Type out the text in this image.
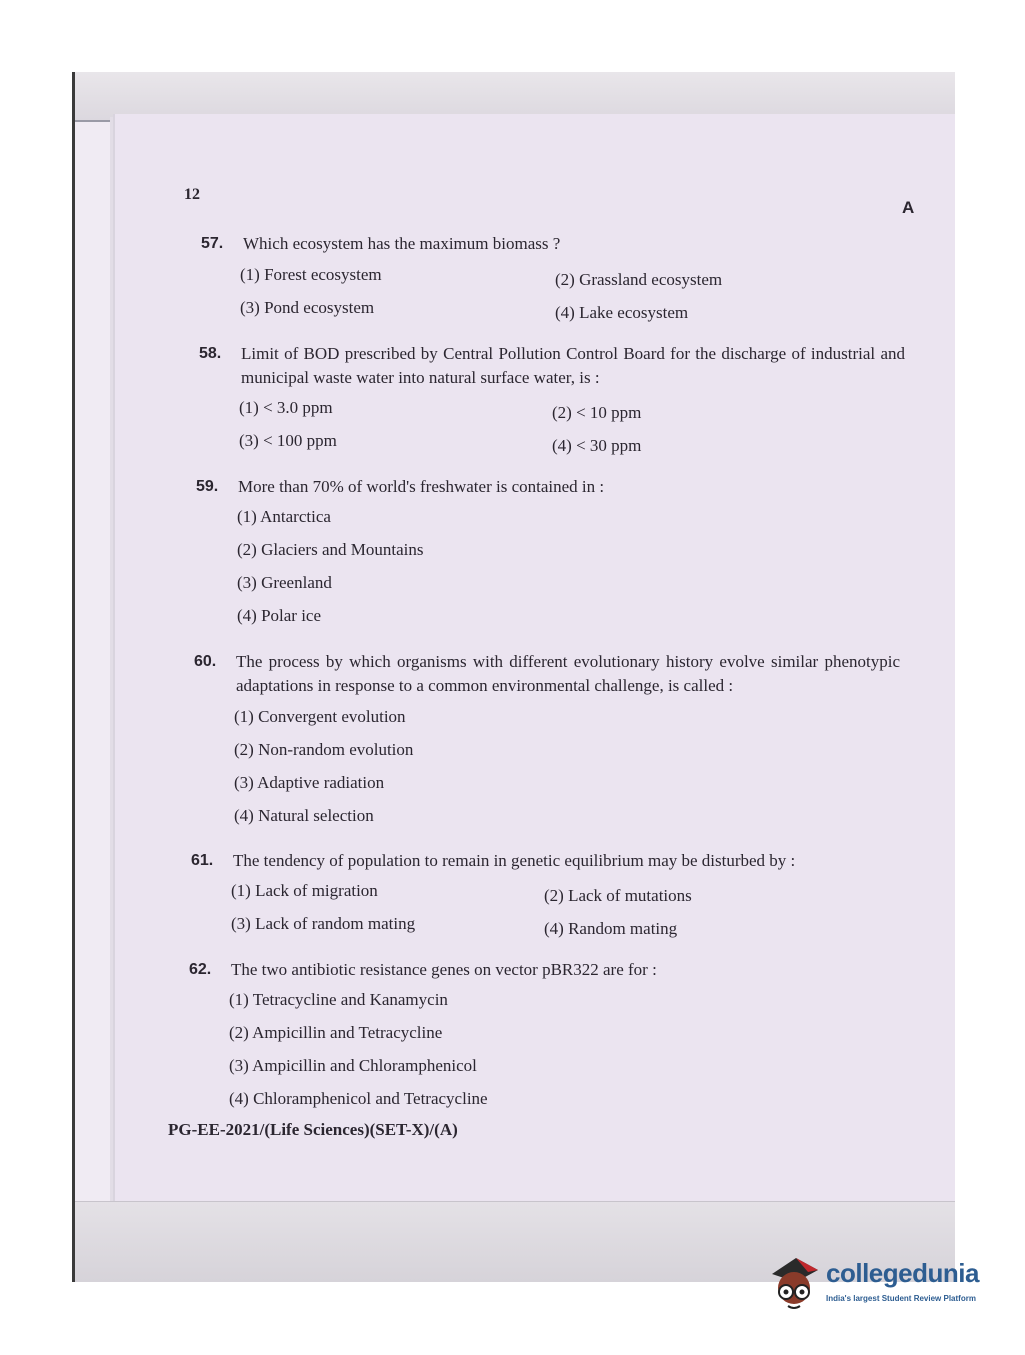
12
A
57. Which ecosystem has the maximum biomass ?
(1) Forest ecosystem	(2) Grassland ecosystem
(3) Pond ecosystem	(4) Lake ecosystem
58. Limit of BOD prescribed by Central Pollution Control Board for the discharge of industrial and municipal waste water into natural surface water, is :
(1) < 3.0 ppm	(2) < 10 ppm
(3) < 100 ppm	(4) < 30 ppm
59. More than 70% of world's freshwater is contained in :
(1) Antarctica
(2) Glaciers and Mountains
(3) Greenland
(4) Polar ice
60. The process by which organisms with different evolutionary history evolve similar phenotypic adaptations in response to a common environmental challenge, is called :
(1) Convergent evolution
(2) Non-random evolution
(3) Adaptive radiation
(4) Natural selection
61. The tendency of population to remain in genetic equilibrium may be disturbed by :
(1) Lack of migration	(2) Lack of mutations
(3) Lack of random mating	(4) Random mating
62. The two antibiotic resistance genes on vector pBR322 are for :
(1) Tetracycline and Kanamycin
(2) Ampicillin and Tetracycline
(3) Ampicillin and Chloramphenicol
(4) Chloramphenicol and Tetracycline
PG-EE-2021/(Life Sciences)(SET-X)/(A)
collegedunia
India's largest Student Review Platform
